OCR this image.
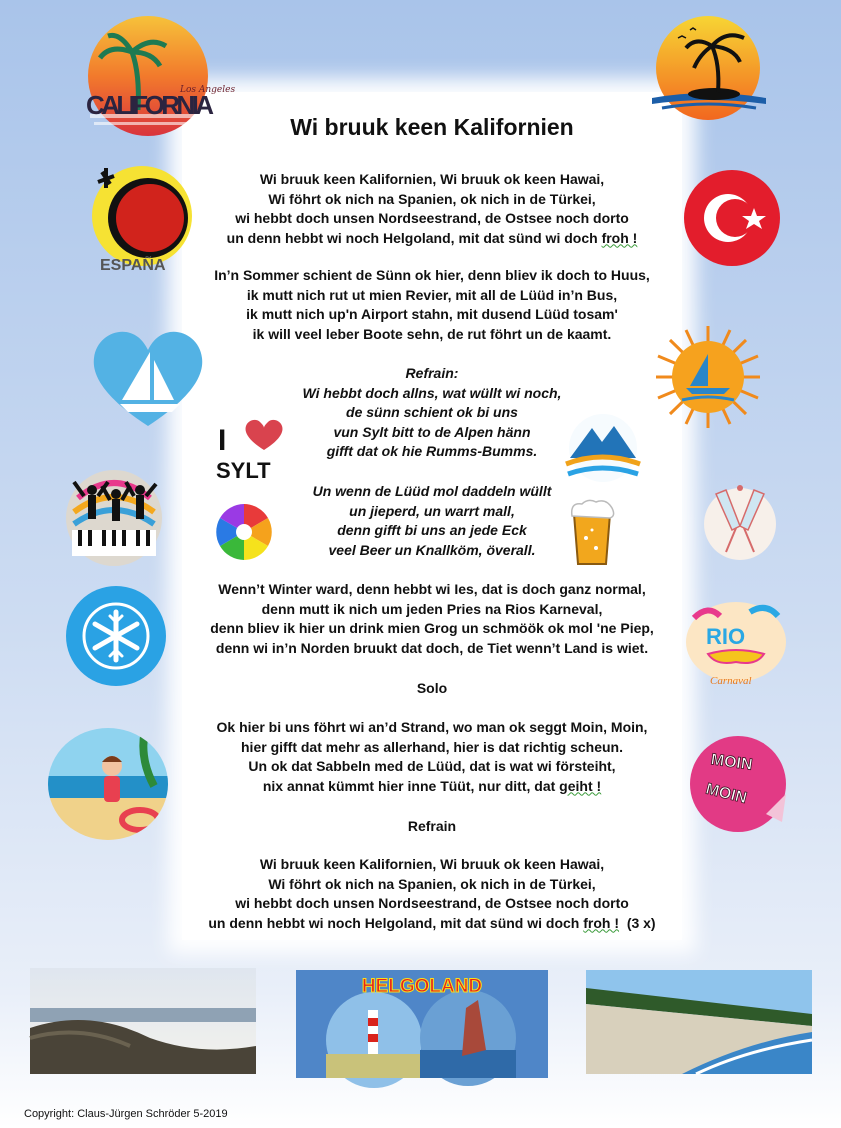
Los Angeles
CALIFORNIA
ESPAÑA
RIO
Carnaval
MOIN
MOIN
I
SYLT
Wi bruuk keen Kalifornien
Wi bruuk keen Kalifornien, Wi bruuk ok keen Hawai,
Wi föhrt ok nich na Spanien, ok nich in de Türkei,
wi hebbt doch unsen Nordseestrand, de Ostsee noch dorto
un denn hebbt wi noch Helgoland, mit dat sünd wi doch froh !
In’n Sommer schient de Sünn ok hier, denn bliev ik doch to Huus,
ik mutt nich rut ut mien Revier, mit all de Lüüd in’n Bus,
ik mutt nich up'n Airport stahn, mit dusend Lüüd tosam'
ik will veel leber Boote sehn, de rut föhrt un de kaamt.
Refrain:
Wi hebbt doch allns, wat wüllt wi noch,
de sünn schient ok bi uns
vun Sylt bitt to de Alpen hänn
gifft dat ok hie Rumms-Bumms.
Un wenn de Lüüd mol daddeln wüllt
un jieperd, un warrt mall,
denn gifft bi uns an jede Eck
veel Beer un Knallköm, överall.
Wenn’t Winter ward, denn hebbt wi Ies, dat is doch ganz normal,
denn mutt ik nich um jeden Pries na Rios Karneval,
denn bliev ik hier un drink mien Grog un schmöök ok mol 'ne Piep,
denn wi in’n Norden bruukt dat doch, de Tiet wenn’t Land is wiet.
Solo
Ok hier bi uns föhrt wi an’d Strand, wo man ok seggt Moin, Moin,
hier gifft dat mehr as allerhand, hier is dat richtig scheun.
Un ok dat Sabbeln med de Lüüd, dat is wat wi försteiht,
nix annat kümmt hier inne Tüüt, nur ditt, dat geiht !
Refrain
Wi bruuk keen Kalifornien, Wi bruuk ok keen Hawai,
Wi föhrt ok nich na Spanien, ok nich in de Türkei,
wi hebbt doch unsen Nordseestrand, de Ostsee noch dorto
un denn hebbt wi noch Helgoland, mit dat sünd wi doch froh ! (3 x)
HELGOLAND
Copyright: Claus-Jürgen Schröder 5-2019
